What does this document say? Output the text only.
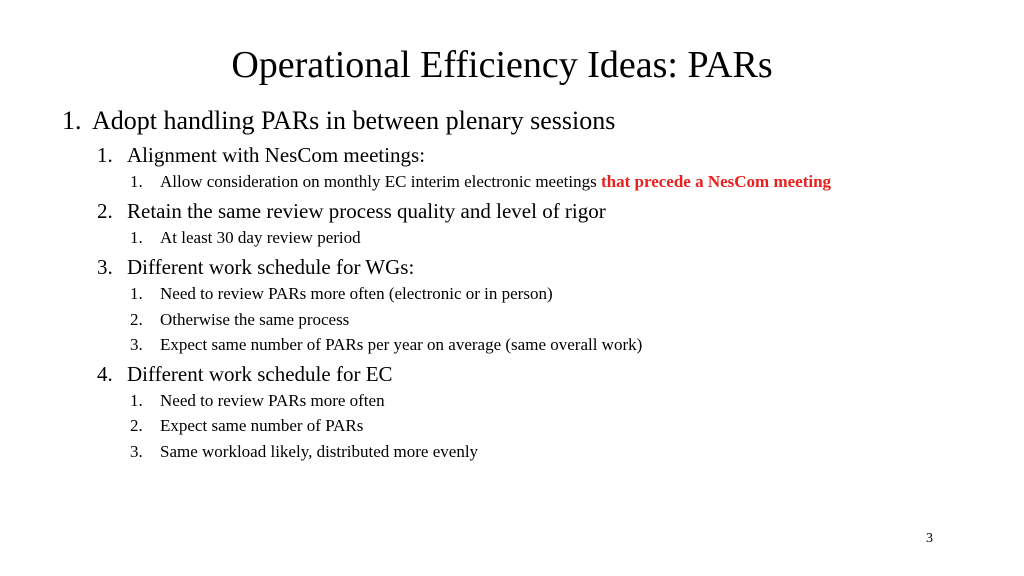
Operational Efficiency Ideas: PARs
1. Adopt handling PARs in between plenary sessions
1. Alignment with NesCom meetings:
1. Allow consideration on monthly EC interim electronic meetings that precede a NesCom meeting
2. Retain the same review process quality and level of rigor
1. At least 30 day review period
3. Different work schedule for WGs:
1. Need to review PARs more often (electronic or in person)
2. Otherwise the same process
3. Expect same number of PARs per year on average (same overall work)
4. Different work schedule for EC
1. Need to review PARs more often
2. Expect same number of PARs
3. Same workload likely, distributed more evenly
3
